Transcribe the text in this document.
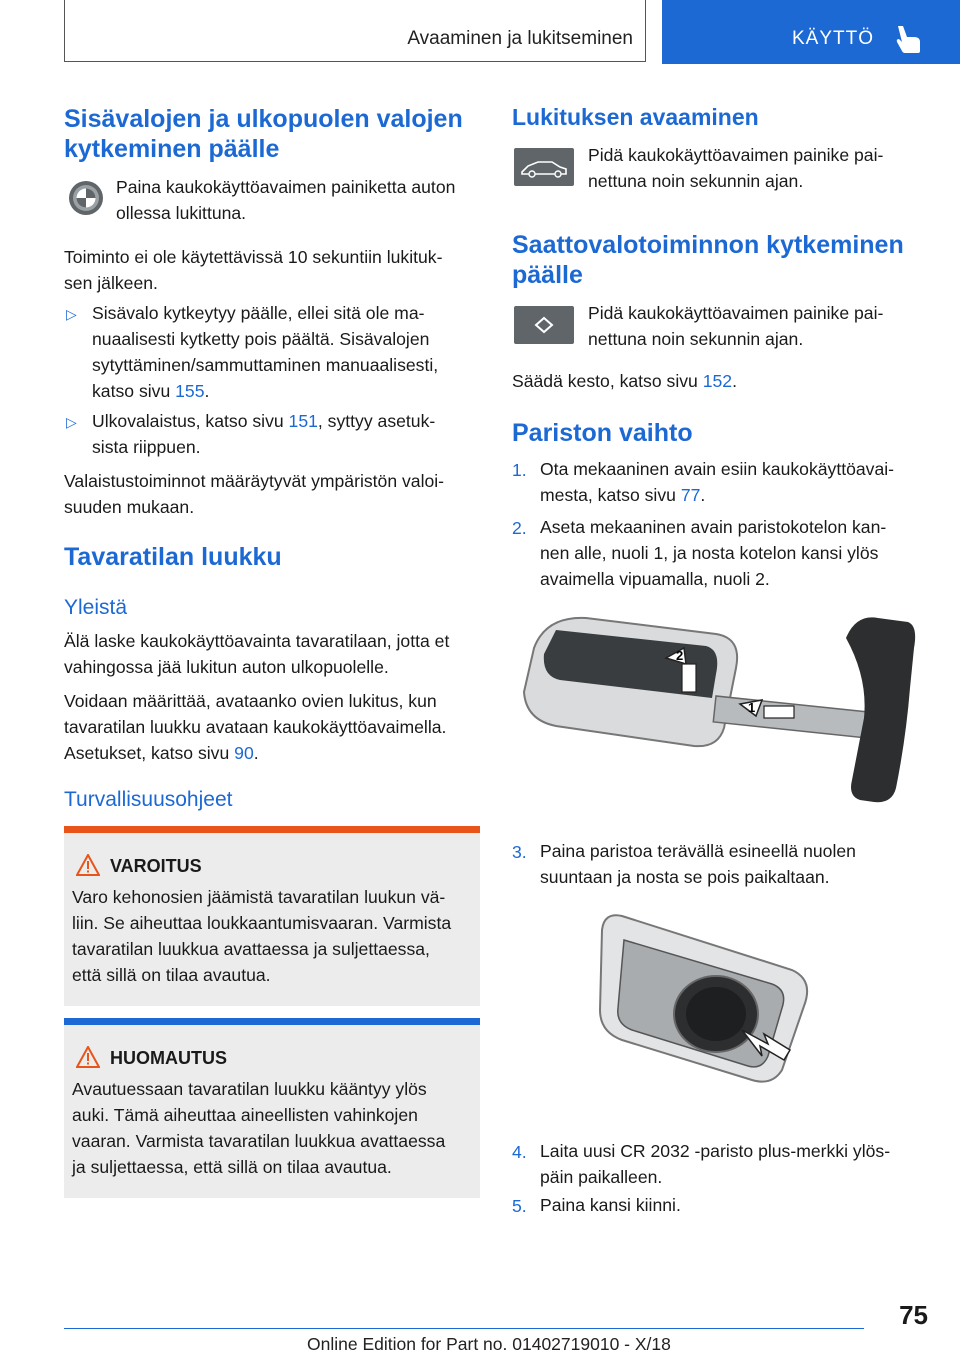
Avaaminen ja lukitseminen	KÄYTTÖ
Sisävalojen ja ulkopuolen valojen
kytkeminen päälle

Paina kaukokäyttöavaimen painiketta auton
ollessa lukittuna.

Toiminto ei ole käytettävissä 10 sekuntiin lukituk-
sen jälkeen.

▷ Sisävalo kytkeytyy päälle, ellei sitä ole ma-
nuaalisesti kytketty pois päältä. Sisävalojen
sytyttäminen/sammuttaminen manuaalisesti,
katso sivu 155.

▷ Ulkovalaistus, katso sivu 151, syttyy asetuk-
sista riippuen.

Valaistustoiminnot määräytyvät ympäristön valoi-
suuden mukaan.

Tavaratilan luukku
Yleistä

Älä laske kaukokäyttöavainta tavaratilaan, jotta et
vahingossa jää lukitun auton ulkopuolelle.

Voidaan määrittää, avataanko ovien lukitus, kun
tavaratilan luukku avataan kaukokäyttöavaimella.
Asetukset, katso sivu 90.

Turvallisuusohjeet
VAROITUS

Varo kehonosien jäämistä tavaratilan luukun vä-
liin. Se aiheuttaa loukkaantumisvaaran. Varmista
tavaratilan luukkua avattaessa ja suljettaessa,
että sillä on tilaa avautua.

HUOMAUTUS

Avautuessaan tavaratilan luukku kääntyy ylös
auki. Tämä aiheuttaa aineellisten vahinkojen
vaaran. Varmista tavaratilan luukkua avattaessa
ja suljettaessa, että sillä on tilaa avautua.

Lukituksen avaaminen

Pidä kaukokäyttöavaimen painike pai-
nettuna noin sekunnin ajan.

Saattovalotoiminnon kytkeminen
päälle

Pidä kaukokäyttöavaimen painike pai-
nettuna noin sekunnin ajan.

Säädä kesto, katso sivu 152.

Pariston vaihto
1. Ota mekaaninen avain esiin kaukokäyttöavai-
mesta, katso sivu 77.

2. Aseta mekaaninen avain paristokotelon kan-
nen alle, nuoli 1, ja nosta kotelon kansi ylös
avaimella vipuamalla, nuoli 2.

1
2
3. Paina paristoa terävällä esineellä nuolen
suuntaan ja nosta se pois paikaltaan.

4. Laita uusi CR 2032 -paristo plus-merkki ylös-
päin paikalleen.

5. Paina kansi kiinni.

75
Online Edition for Part no. 01402719010 - X/18
